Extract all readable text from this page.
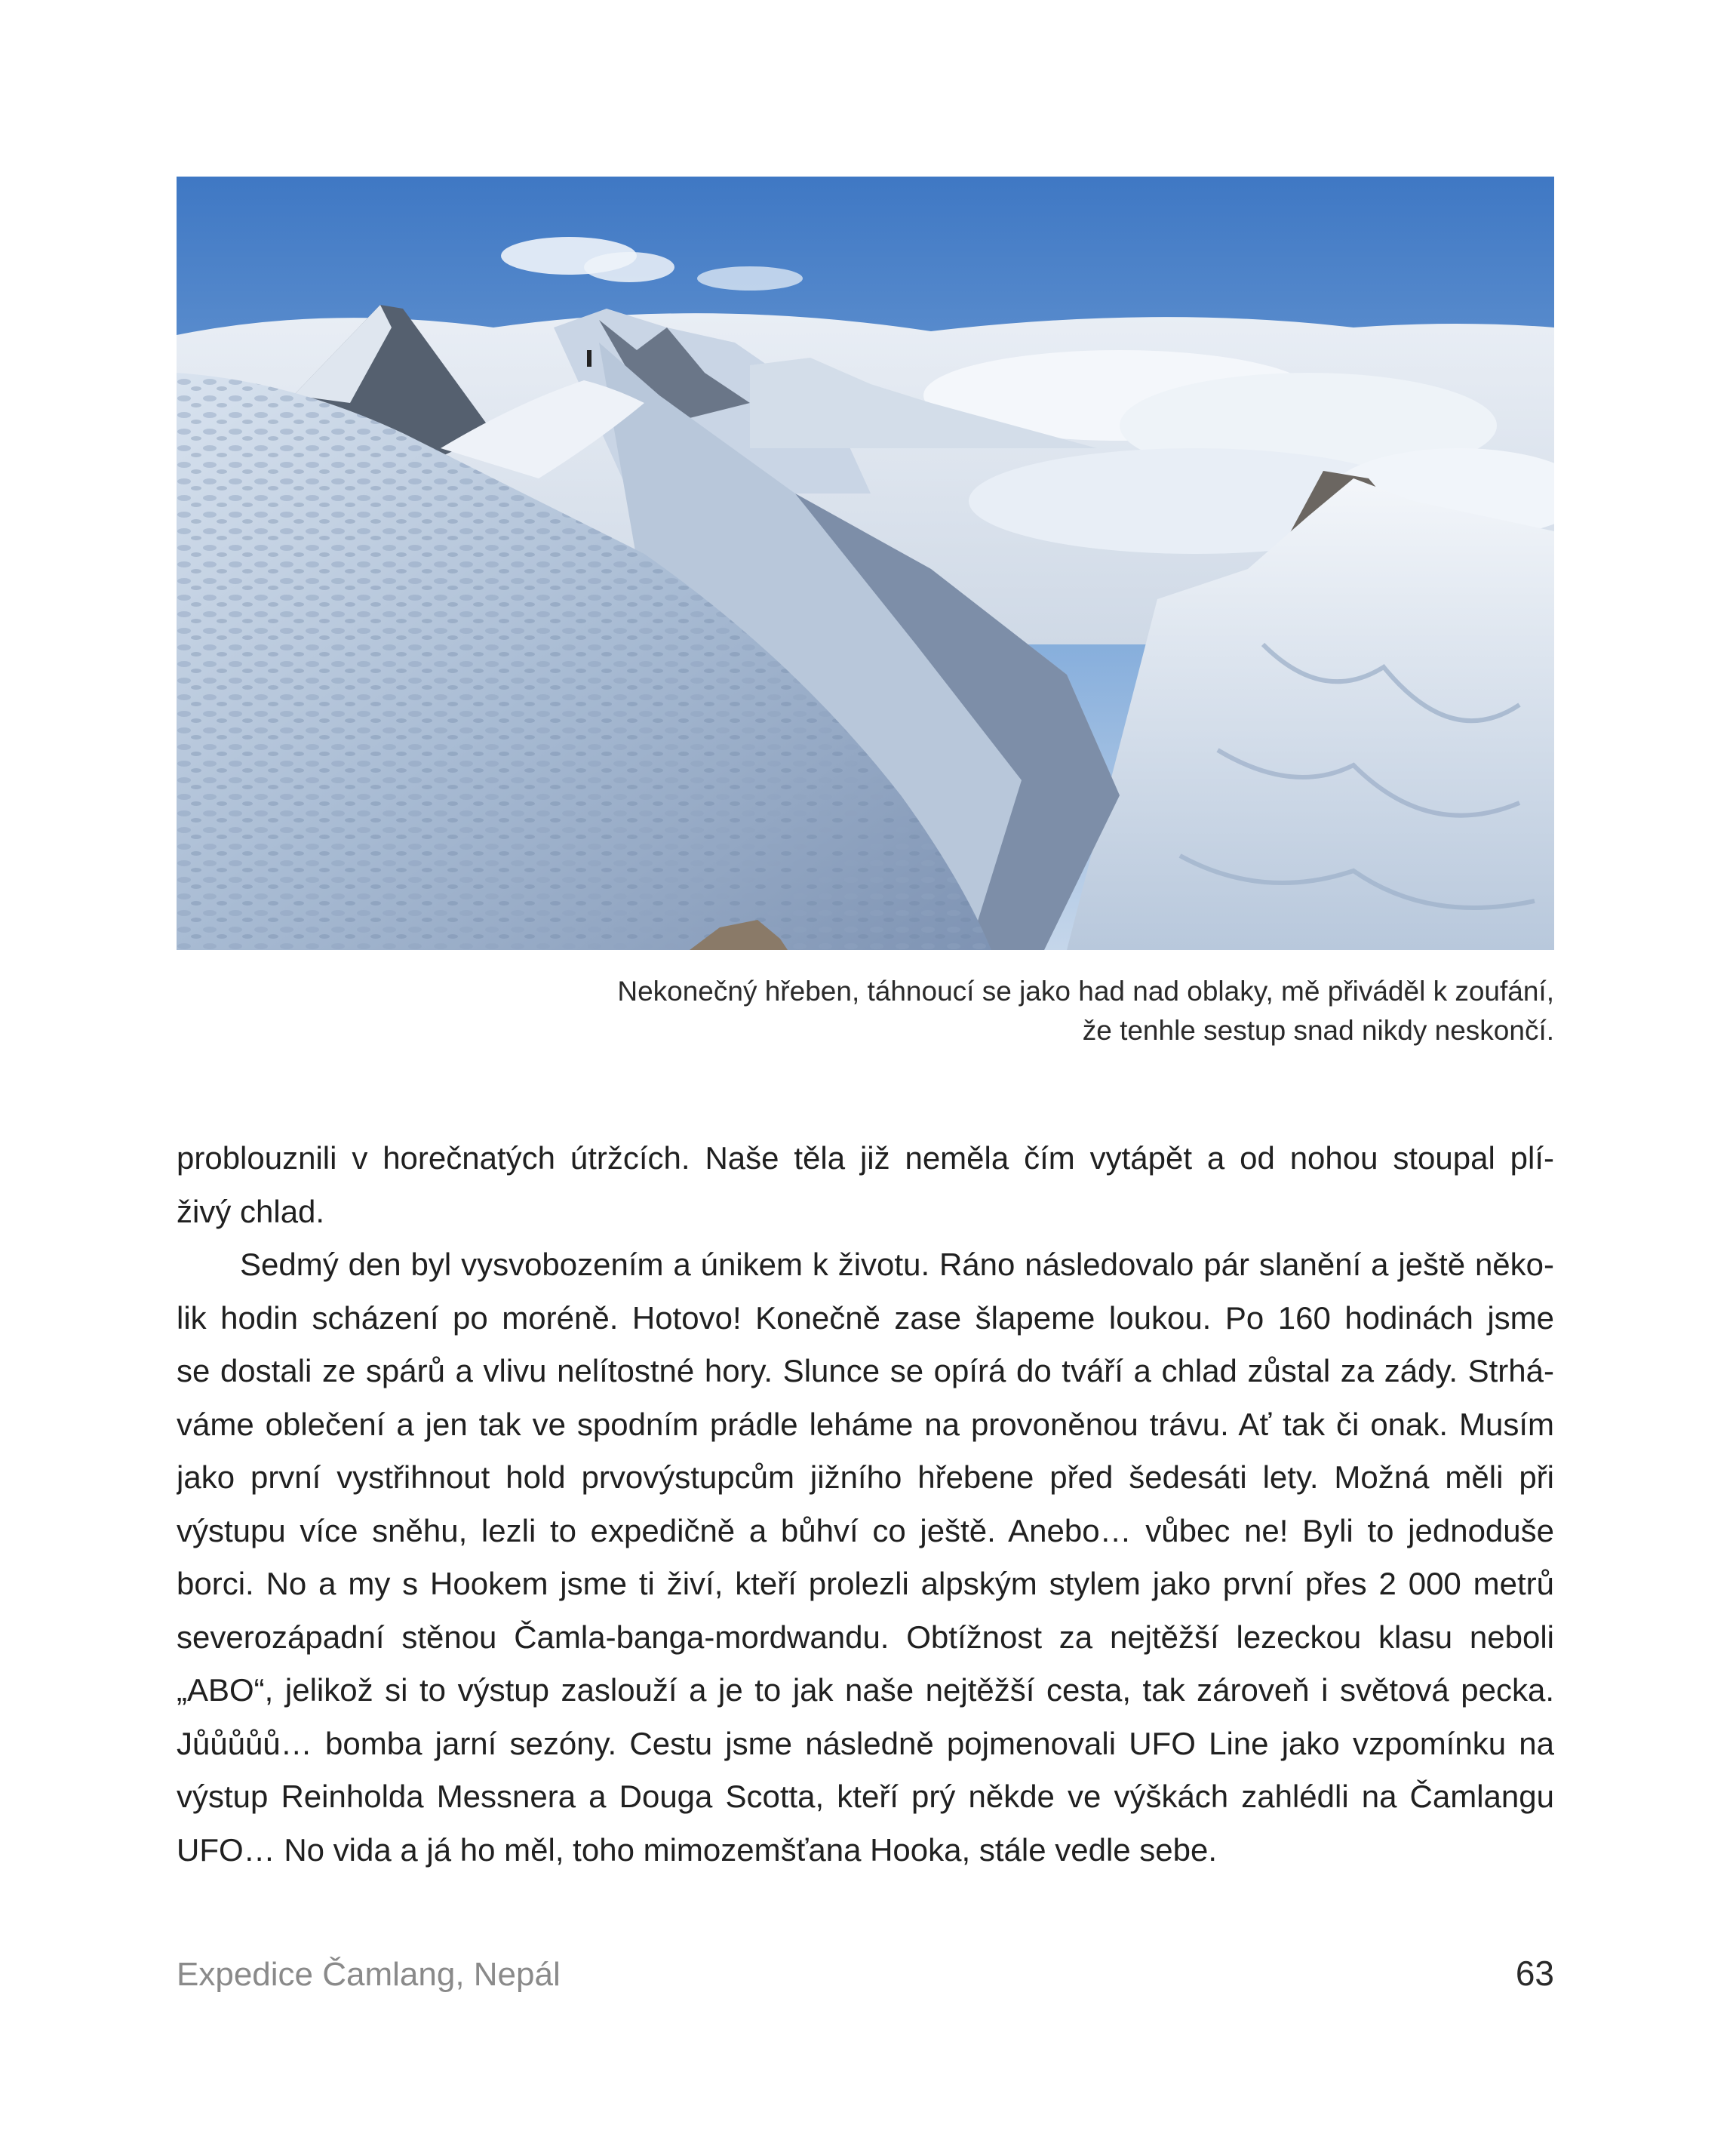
Nekonečný hřeben, táhnoucí se jako had nad oblaky, mě přiváděl k zoufání,
že tenhle sestup snad nikdy neskončí.
problouznili v horečnatých útržcích. Naše těla již neměla čím vytápět a od nohou stoupal plí-
živý chlad.
Sedmý den byl vysvobozením a únikem k životu. Ráno následovalo pár slanění a ještě něko-
lik hodin scházení po moréně. Hotovo! Konečně zase šlapeme loukou. Po 160 hodinách jsme
se dostali ze spárů a vlivu nelítostné hory. Slunce se opírá do tváří a chlad zůstal za zády. Strhá-
váme oblečení a jen tak ve spodním prádle leháme na provoněnou trávu. Ať tak či onak. Musím
jako první vystřihnout hold prvovýstupcům jižního hřebene před šedesáti lety. Možná měli při
výstupu více sněhu, lezli to expedičně a bůhví co ještě. Anebo… vůbec ne! Byli to jednoduše
borci. No a my s Hookem jsme ti živí, kteří prolezli alpským stylem jako první přes 2 000 metrů
severozápadní stěnou Čamla-banga-mordwandu. Obtížnost za nejtěžší lezeckou klasu neboli
„ABO“, jelikož si to výstup zaslouží a je to jak naše nejtěžší cesta, tak zároveň i světová pecka.
Jůůůůů… bomba jarní sezóny. Cestu jsme následně pojmenovali UFO Line jako vzpomínku na
výstup Reinholda Messnera a Douga Scotta, kteří prý někde ve výškách zahlédli na Čamlangu
UFO… No vida a já ho měl, toho mimozemšťana Hooka, stále vedle sebe.
Expedice Čamlang, Nepál	63
